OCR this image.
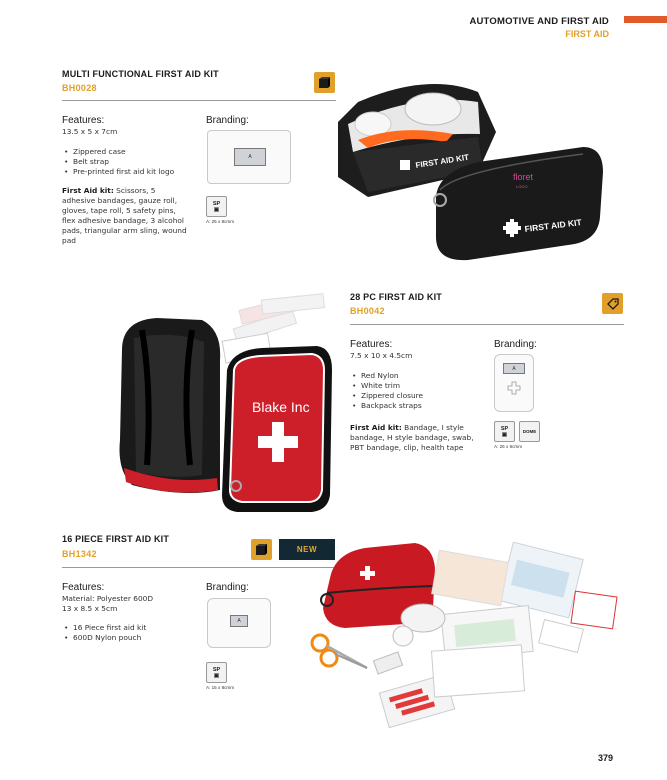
AUTOMOTIVE AND FIRST AID
FIRST AID
MULTI FUNCTIONAL FIRST AID KIT
BH0028
Features:
13.5 x 5 x 7cm
• Zippered case
• Belt strap
• Pre-printed first aid kit logo
First Aid kit: Scissors, 5 adhesive bandages, gauze roll, gloves, tape roll, 5 safety pins, flex adhesive bandage, 3 alcohol pads, triangular arm sling, wound pad
Branding:
A
SP
▣
A: 25 x 8cmm
FIRST AID KIT
floret
LOGO
FIRST AID KIT
Blake Inc
28 PC FIRST AID KIT
BH0042
Features:
7.5 x 10 x 4.5cm
• Red Nylon
• White trim
• Zippered closure
• Backpack straps
First Aid kit: Bandage, I style bandage, H style bandage, swab, PBT bandage, clip, health tape
Branding:
A
SP
▣
DOME
A: 25 x 6cmm
16 PIECE FIRST AID KIT
BH1342	NEW
Features:
Material: Polyester 600D
13 x 8.5 x 5cm
• 16 Piece first aid kit
• 600D Nylon pouch
Branding:
A
SP
▣
A: 15 x 8cmm
379
